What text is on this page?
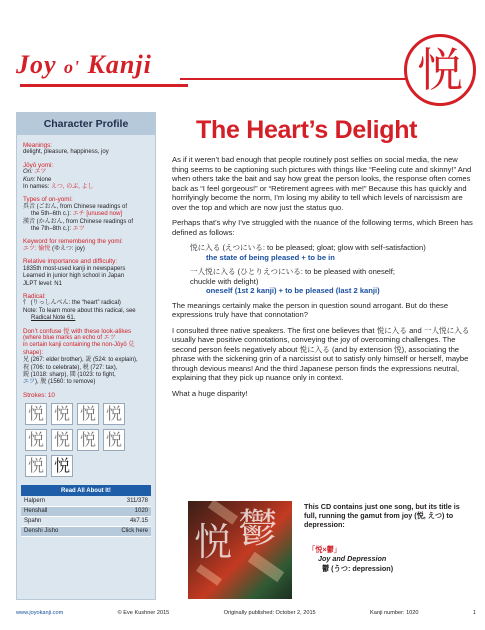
Joy o' Kanji	悦
The Heart’s Delight
Character Profile
Meanings:
delight, pleasure, happiness, joy
Jōyō yomi:
On: エツ
Kun: None
In names: えつ, のぶ, よし
Types of on-yomi:
呉音 (ごおん, from Chinese readings of
the 5th–6th c.): エチ [unused now]
漢音 (かんおん, from Chinese readings of
the 7th–8th c.): エツ
Keyword for remembering the yomi:
エツ: 愉悦 (ゆえつ: joy)
Relative importance and difficulty:
1835th most-used kanji in newspapers
Learned in junior high school in Japan
JLPT level: N1
Radical:
忄 (りっしんべん: the “heart” radical)
Note: To learn more about this radical, see
Radical Note 61.
Don’t confuse 悦 with these look-alikes
(where blue marks an echo of エツ
in certain kanji containing the non-Jōyō 兑
shape):
兄 (267: elder brother), 説 (524: to explain),
祝 (706: to celebrate), 税 (727: tax),
鋭 (1018: sharp), 閲 (1023: to fight,
エツ), 脱 (1560: to remove)
Strokes: 10
悦 悦 悦 悦
悦 悦 悦 悦
悦 悦
Read All About It!	
Halpern	311/378
Henshall	1020
Spahn	4k7.15
Denshi Jisho	Click here

As if it weren’t bad enough that people routinely post selfies on social media, the new thing seems to be captioning such pictures with things like “Feeling cute and skinny!” And when others take the bait and say how great the person looks, the response often comes back as “I feel gorgeous!” or “Retirement agrees with me!” Because this has quickly and horrifyingly become the norm, I’m losing my ability to tell which levels of narcissism are over the top and which are now just the status quo.

Perhaps that’s why I’ve struggled with the nuance of the following terms, which Breen has defined as follows:

悦に入る (えつにいる: to be pleased; gloat; glow with self-satisfaction)
the state of being pleased + to be in
一人悦に入る (ひとりえつにいる: to be pleased with oneself;
chuckle with delight)
oneself (1st 2 kanji) + to be pleased (last 2 kanji)

The meanings certainly make the person in question sound arrogant. But do these expressions truly have that connotation?

I consulted three native speakers. The first one believes that 悦に入る and 一人悦に入る usually have positive connotations, conveying the joy of overcoming challenges. The second person feels negatively about 悦に入る (and by extension 悦), associating the phrase with the sickening grin of a narcissist out to satisfy only himself or herself, maybe through devious means! And the third Japanese person finds the expressions neutral, explaining that they pick up nuance only in context.

What a huge disparity!

悦 鬱	This CD contains just one song, but its title is full, running the gamut from joy (悦, えつ) to depression:
「悦×鬱」
Joy and Depression
鬱 (うつ: depression)
www.joyokanji.com	© Eve Kushner 2015	Originally published: October 2, 2015	Kanji number: 1020	1
